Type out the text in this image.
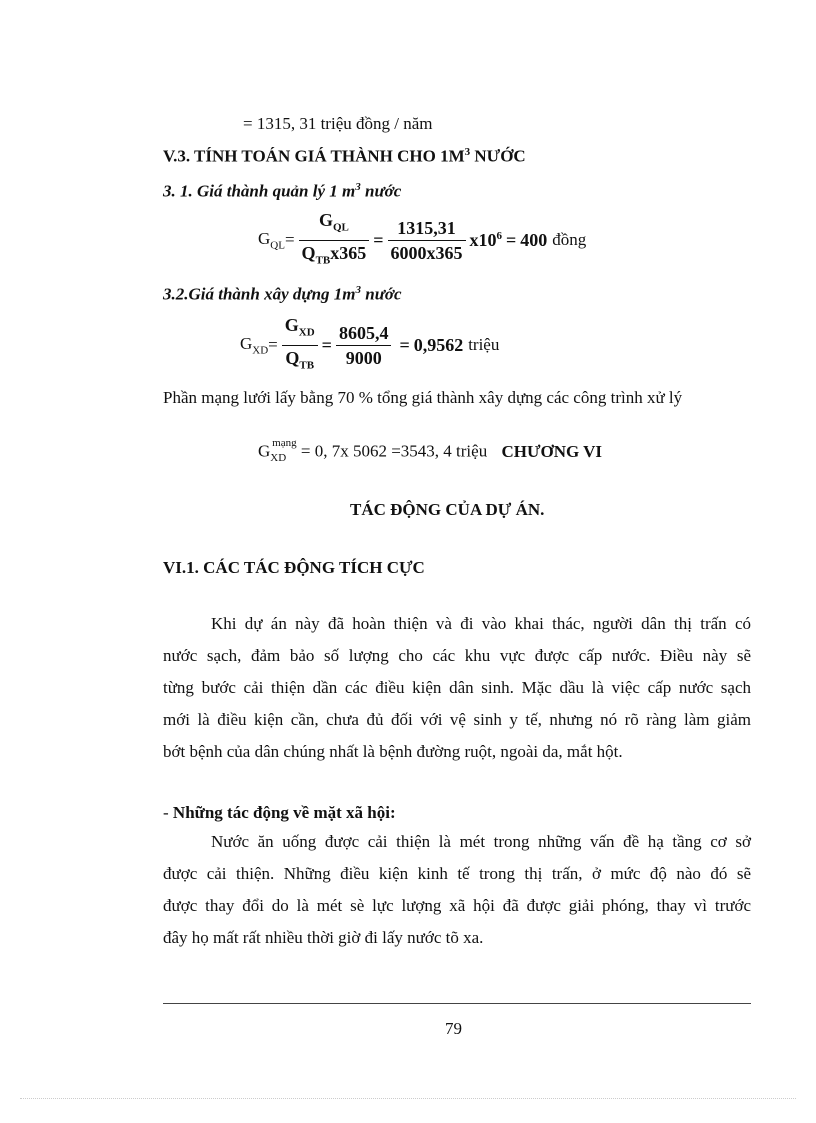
= 1315, 31 triệu đồng / năm
V.3. TÍNH TOÁN GIÁ THÀNH CHO $1M^3$ NƯỚC
3. 1. Giá thành quản lý 1 $m^3$ nước
$G_{QL} = \frac{G_{QL}}{Q_{TB}x365} = \frac{1315,31}{6000x365} x10^6 = 400$ đồng
3.2.Giá thành xây dựng $1m^3$ nước
$G_{XD} = \frac{G_{XD}}{Q_{TB}} = \frac{8605,4}{9000} = 0,9562$ triệu
Phần mạng lưới lấy bằng 70 % tổng giá thành xây dựng các công trình xử lý
$G_{XD}^{mạng} = 0$, 7x 5062 =3543, 4 triệu CHƯƠNG VI
TÁC ĐỘNG CỦA DỰ ÁN.
VI.1. CÁC TÁC ĐỘNG TÍCH CỰC
Khi dự án này đã hoàn thiện và đi vào khai thác, người dân thị trấn có
nước sạch, đảm bảo số lượng cho các khu vực được cấp nước. Điều này sẽ
từng bước cải thiện dần các điều kiện dân sinh. Mặc dầu là việc cấp nước sạch
mới là điều kiện cần, chưa đủ đối với vệ sinh y tế, nhưng nó rõ ràng làm giảm
bớt bệnh của dân chúng nhất là bệnh đường ruột, ngoài da, mắt hột.
- Những tác động về mặt xã hội:
Nước ăn uống được cải thiện là mét trong những vấn đề hạ tầng cơ sở
được cải thiện. Những điều kiện kinh tế trong thị trấn, ở mức độ nào đó sẽ
được thay đổi do là mét sè lực lượng xã hội đã được giải phóng, thay vì trước
đây họ mất rất nhiều thời giờ đi lấy nước tõ xa.
79
